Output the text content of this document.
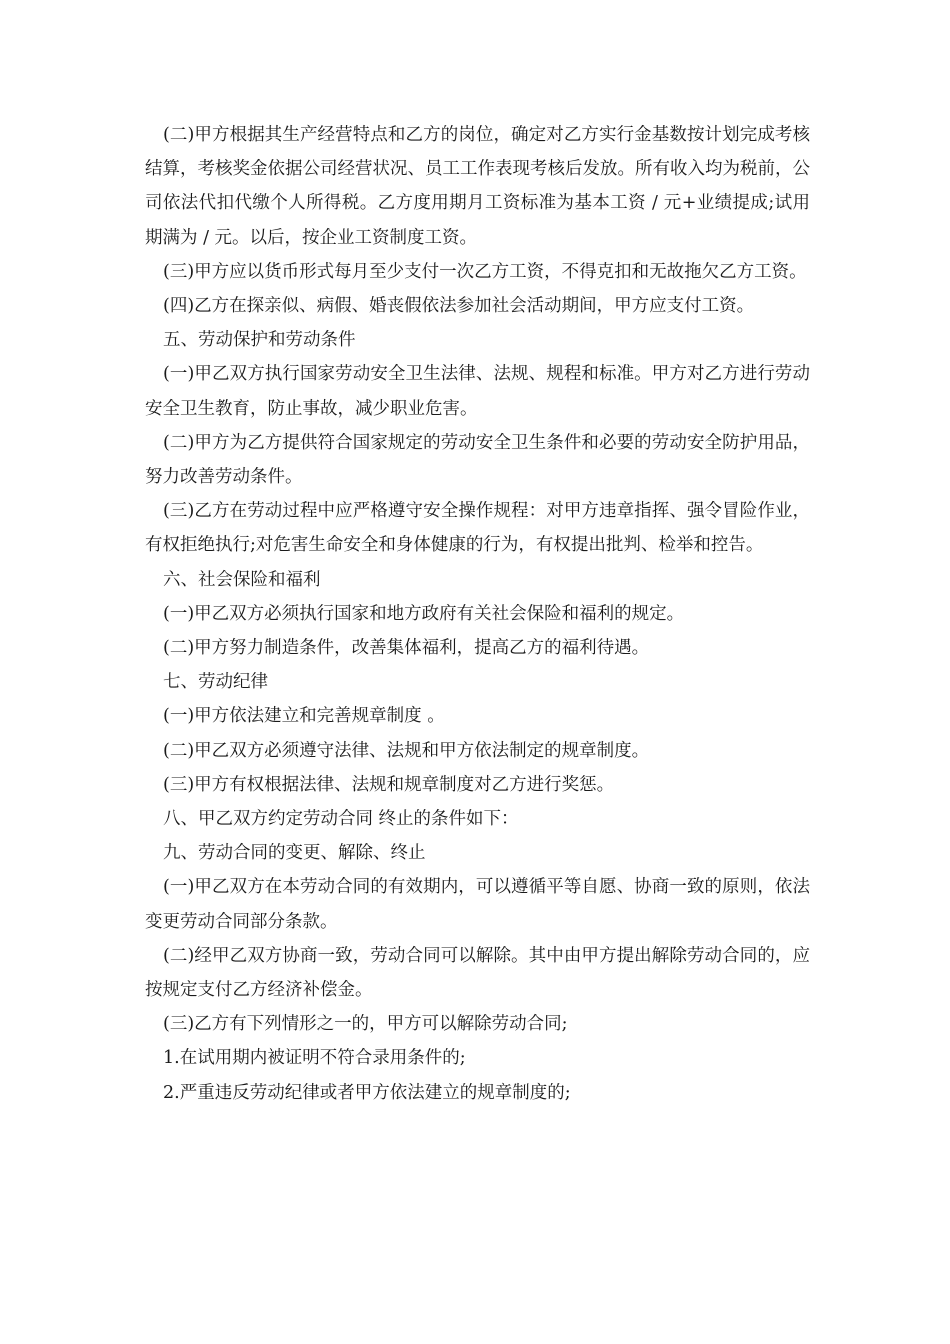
(二)甲方根据其生产经营特点和乙方的岗位，确定对乙方实行金基数按计划完成考核结算，考核奖金依据公司经营状况、员工工作表现考核后发放。所有收入均为税前，公司依法代扣代缴个人所得税。乙方度用期月工资标准为基本工资 / 元+业绩提成;试用期满为 / 元。以后，按企业工资制度工资。

(三)甲方应以货币形式每月至少支付一次乙方工资，不得克扣和无故拖欠乙方工资。

(四)乙方在探亲似、病假、婚丧假依法参加社会活动期间，甲方应支付工资。

五、劳动保护和劳动条件

(一)甲乙双方执行国家劳动安全卫生法律、法规、规程和标准。甲方对乙方进行劳动安全卫生教育，防止事故，减少职业危害。

(二)甲方为乙方提供符合国家规定的劳动安全卫生条件和必要的劳动安全防护用品，努力改善劳动条件。

(三)乙方在劳动过程中应严格遵守安全操作规程：对甲方违章指挥、强令冒险作业，有权拒绝执行;对危害生命安全和身体健康的行为，有权提出批判、检举和控告。

六、社会保险和福利

(一)甲乙双方必须执行国家和地方政府有关社会保险和福利的规定。

(二)甲方努力制造条件，改善集体福利，提高乙方的福利待遇。

七、劳动纪律

(一)甲方依法建立和完善规章制度 。

(二)甲乙双方必须遵守法律、法规和甲方依法制定的规章制度。

(三)甲方有权根据法律、法规和规章制度对乙方进行奖惩。

八、甲乙双方约定劳动合同 终止的条件如下：

九、劳动合同的变更、解除、终止

(一)甲乙双方在本劳动合同的有效期内，可以遵循平等自愿、协商一致的原则，依法变更劳动合同部分条款。

(二)经甲乙双方协商一致，劳动合同可以解除。其中由甲方提出解除劳动合同的，应按规定支付乙方经济补偿金。

(三)乙方有下列情形之一的，甲方可以解除劳动合同;

1.在试用期内被证明不符合录用条件的;

2.严重违反劳动纪律或者甲方依法建立的规章制度的;
